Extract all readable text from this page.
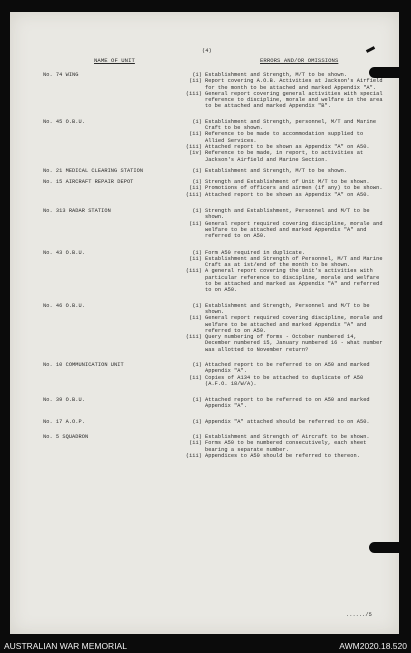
(4)
NAME OF UNIT	ERRORS AND/OR OMISSIONS
No. 74 WING	(i) Establishment and Strength, M/T to be shown.
(ii) Report covering A.O.B. Activities at Jackson's Airfield for the month to be attached and marked Appendix "A".
(iii) General report covering general activities with special reference to discipline, morale and welfare in the area to be attached and marked Appendix "B".
No. 45 O.B.U.	(i) Establishment and Strength, personnel, M/T and Marine Craft to be shown.
(ii) Reference to be made to accommodation supplied to Allied Services.
(iii) Attached report to be shown as Appendix "A" on A50.
(iv) Reference to be made, in report, to activities at Jackson's Airfield and Marine Section.
No. 21 MEDICAL CLEARING STATION	(i) Establishment and Strength, M/T to be shown.
No. 15 AIRCRAFT REPAIR DEPOT	(i) Strength and Establishment of Unit M/T to be shown.
(ii) Promotions of officers and airmen (if any) to be shown.
(iii) Attached report to be shown as Appendix "A" on A50.
No. 313 RADAR STATION	(i) Strength and Establishment, Personnel and M/T to be shown.
(ii) General report required covering discipline, morale and welfare to be attached and marked Appendix "A" and referred to on A50.
No. 43 O.B.U.	(i) Form A50 required in duplicate.
(ii) Establishment and Strength of Personnel, M/T and Marine Craft as at 1st/end of the month to be shown.
(iii) A general report covering the Unit's activities with particular reference to discipline, morale and welfare to be attached and marked as Appendix "A" and referred to on A50.
No. 46 O.B.U.	(i) Establishment and Strength, Personnel and M/T to be shown.
(ii) General report required covering discipline, morale and welfare to be attached and marked Appendix "A" and referred to on A50.
(iii) Query numbering of forms - October numbered 14, December numbered 15, January numbered 16 - what number was allotted to November return?
No. 10 COMMUNICATION UNIT	(i) Attached report to be referred to on A50 and marked Appendix "A".
(ii) Copies of A134 to be attached to duplicate of A50 (A.F.O. 18/W/A).
No. 39 O.B.U.	(i) Attached report to be referred to on A50 and marked Appendix "A".
No. 17 A.O.P.	(i) Appendix "A" attached should be referred to on A50.
No. 5 SQUADRON	(i) Establishment and Strength of Aircraft to be shown.
(ii) Forms A50 to be numbered consecutively, each sheet bearing a separate number.
(iii) Appendices to A50 should be referred to thereon.
....../5
AUSTRALIAN WAR MEMORIAL	AWM2020.18.520
